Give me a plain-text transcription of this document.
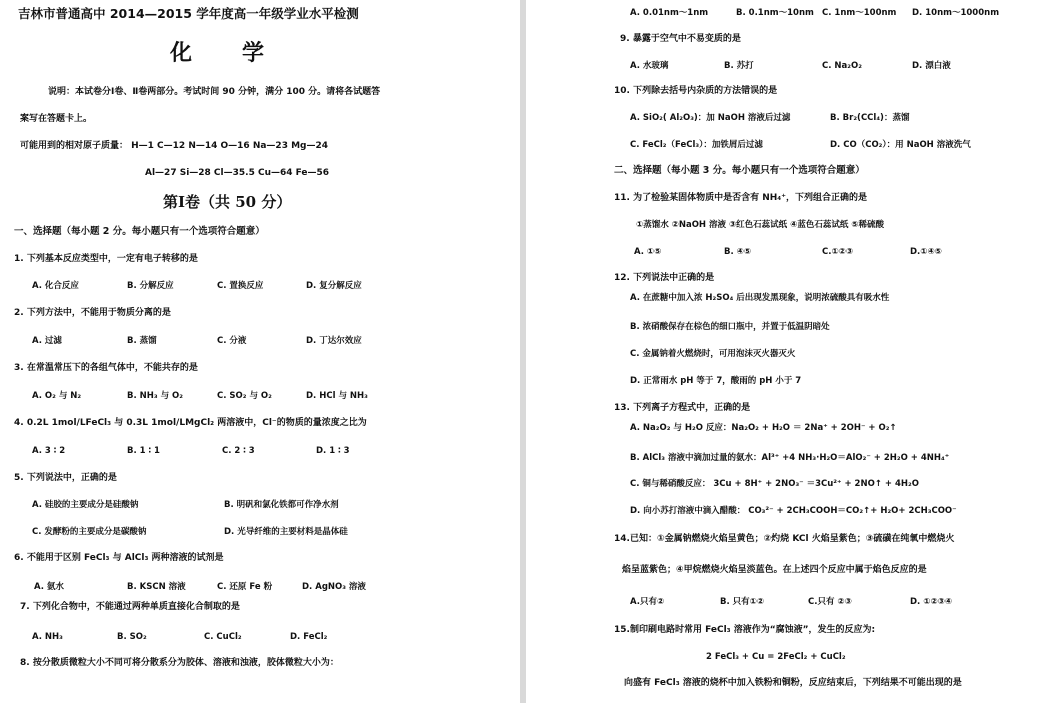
吉林市普通高中 2014—2015 学年度高一年级学业水平检测
化　　学
说明：本试卷分Ⅰ卷、Ⅱ卷两部分。考试时间 90 分钟，满分 100 分。请将各试题答
案写在答题卡上。
可能用到的相对原子质量： H—1 C—12 N—14 O—16 Na—23 Mg—24
Al—27 Si—28 Cl—35.5 Cu—64 Fe—56
第Ⅰ卷（共 50 分）
一、选择题（每小题 2 分。每小题只有一个选项符合题意）
1. 下列基本反应类型中，一定有电子转移的是
A. 化合反应	B. 分解反应	C. 置换反应	D. 复分解反应
2. 下列方法中，不能用于物质分离的是
A. 过滤	B. 蒸馏	C. 分液	D. 丁达尔效应
3. 在常温常压下的各组气体中，不能共存的是
A. O₂ 与 N₂	B. NH₃ 与 O₂	C. SO₂ 与 O₂	D. HCl 与 NH₃
4. 0.2L 1mol/LFeCl₃ 与 0.3L 1mol/LMgCl₂ 两溶液中，Cl⁻的物质的量浓度之比为
A. 3 ∶ 2	B. 1 ∶ 1	C. 2 ∶ 3	D. 1 ∶ 3
5. 下列说法中，正确的是
A. 硅胶的主要成分是硅酸钠	B. 明矾和氯化铁都可作净水剂
C. 发酵粉的主要成分是碳酸钠	D. 光导纤维的主要材料是晶体硅
6. 不能用于区别 FeCl₃ 与 AlCl₃ 两种溶液的试剂是
A. 氨水	B. KSCN 溶液	C. 还原 Fe 粉	D. AgNO₃ 溶液
7. 下列化合物中，不能通过两种单质直接化合制取的是
A. NH₃	B. SO₂	C. CuCl₂	D. FeCl₂
8. 按分散质微粒大小不同可将分散系分为胶体、溶液和浊液，胶体微粒大小为：
A. 0.01nm～1nm	B. 0.1nm～10nm C. 1nm～100nm D. 10nm～1000nm
9. 暴露于空气中不易变质的是
A. 水玻璃	B. 苏打	C. Na₂O₂	D. 漂白液
10. 下列除去括号内杂质的方法错误的是
A. SiO₂( Al₂O₃)：加 NaOH 溶液后过滤	B. Br₂(CCl₄)：蒸馏
C. FeCl₂（FeCl₃）：加铁屑后过滤	D. CO（CO₂）：用 NaOH 溶液洗气
二、选择题（每小题 3 分。每小题只有一个选项符合题意）
11. 为了检验某固体物质中是否含有 NH₄⁺，下列组合正确的是
①蒸馏水 ②NaOH 溶液 ③红色石蕊试纸 ④蓝色石蕊试纸 ⑤稀硫酸
A. ①⑤	B. ④⑤	C.①②③	D.①④⑤
12. 下列说法中正确的是
A. 在蔗糖中加入浓 H₂SO₄ 后出现发黑现象，说明浓硫酸具有吸水性
B. 浓硝酸保存在棕色的细口瓶中，并置于低温阴暗处
C. 金属钠着火燃烧时，可用泡沫灭火器灭火
D. 正常雨水 pH 等于 7，酸雨的 pH 小于 7
13. 下列离子方程式中，正确的是
A. Na₂O₂ 与 H₂O 反应：Na₂O₂ + H₂O ＝ 2Na⁺ + 2OH⁻ + O₂↑
B. AlCl₃ 溶液中滴加过量的氨水：Al³⁺ +4 NH₃·H₂O＝AlO₂⁻ + 2H₂O + 4NH₄⁺
C. 铜与稀硝酸反应： 3Cu + 8H⁺ + 2NO₃⁻ ＝3Cu²⁺ + 2NO↑ + 4H₂O
D. 向小苏打溶液中滴入醋酸： CO₃²⁻ + 2CH₃COOH＝CO₂↑+ H₂O+ 2CH₃COO⁻
14.已知：①金属钠燃烧火焰呈黄色；②灼烧 KCl 火焰呈紫色；③硫磺在纯氧中燃烧火
焰呈蓝紫色；④甲烷燃烧火焰呈淡蓝色。在上述四个反应中属于焰色反应的是
A.只有②	B. 只有①②	C.只有 ②③	D. ①②③④
15.制印刷电路时常用 FeCl₃ 溶液作为“腐蚀液”，发生的反应为:
2 FeCl₃ + Cu = 2FeCl₂ + CuCl₂
向盛有 FeCl₃ 溶液的烧杯中加入铁粉和铜粉，反应结束后，下列结果不可能出现的是
